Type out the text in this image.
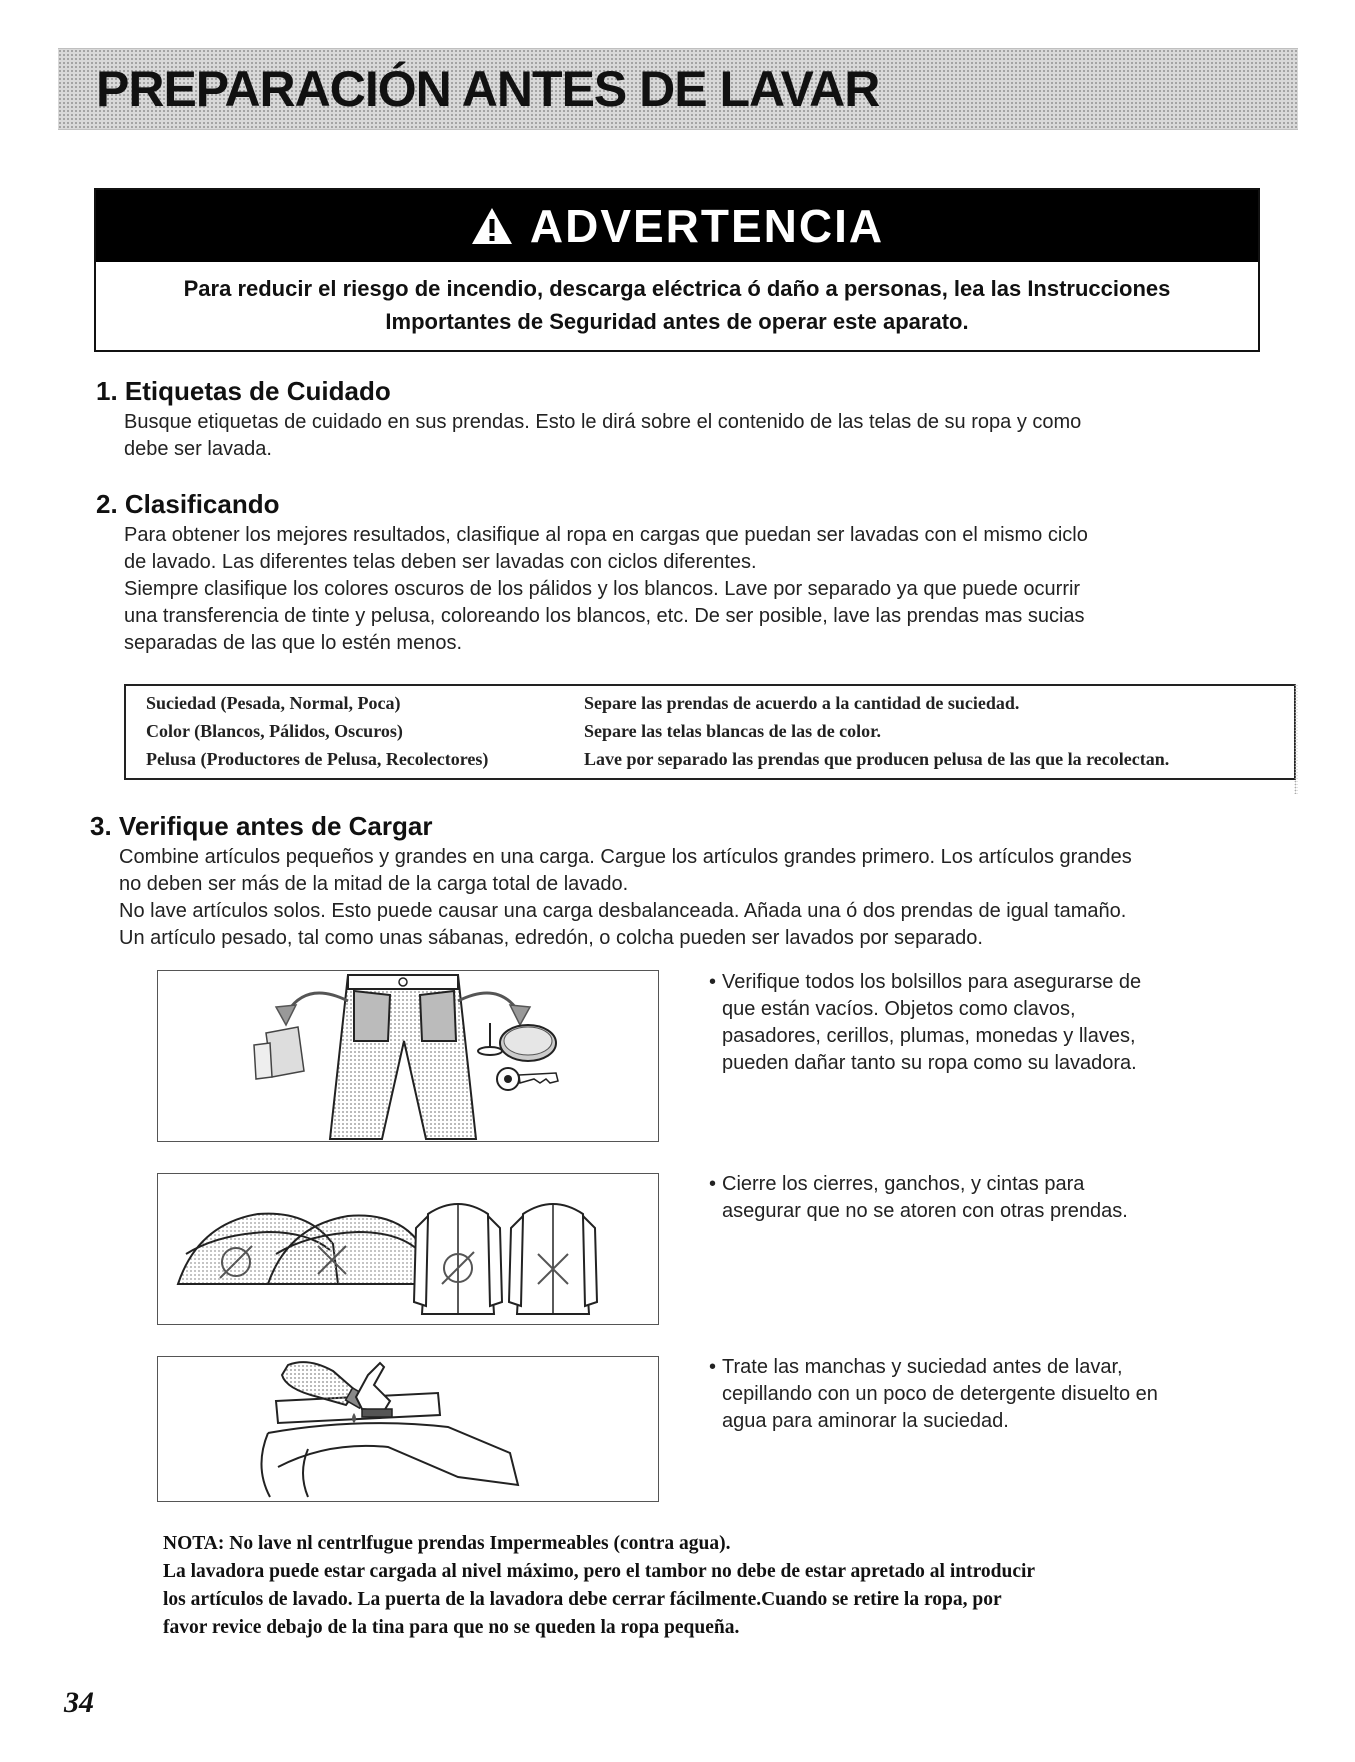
PREPARACIÓN ANTES DE LAVAR
ADVERTENCIA
Para reducir el riesgo de incendio, descarga eléctrica ó daño a personas, lea las Instrucciones
Importantes de Seguridad antes de operar este aparato.
1. Etiquetas de Cuidado

Busque etiquetas de cuidado en sus prendas. Esto le dirá sobre el contenido de las telas de su ropa y como

debe ser lavada.

2. Clasificando

Para obtener los mejores resultados, clasifique al ropa en cargas que puedan ser lavadas con el mismo ciclo

de lavado. Las diferentes telas deben ser lavadas con ciclos diferentes.

Siempre clasifique los colores oscuros de los pálidos y los blancos. Lave por separado ya que puede ocurrir

una transferencia de tinte y pelusa, coloreando los blancos, etc. De ser posible, lave las prendas mas sucias

separadas de las que lo estén menos.

Suciedad (Pesada, Normal, Poca)	Separe las prendas de acuerdo a la cantidad de suciedad.
Color (Blancos, Pálidos, Oscuros)	Separe las telas blancas de las de color.
Pelusa (Productores de Pelusa, Recolectores)	Lave por separado las prendas que producen pelusa de las que la recolectan.
3. Verifique antes de Cargar

Combine artículos pequeños y grandes en una carga. Cargue los artículos grandes primero. Los artículos grandes

no deben ser más de la mitad de la carga total de lavado.

No lave artículos solos. Esto puede causar una carga desbalanceada. Añada una ó dos prendas de igual tamaño.

Un artículo pesado, tal como unas sábanas, edredón, o colcha pueden ser lavados por separado.

• Verifique todos los bolsillos para asegurarse de
que están vacíos. Objetos como clavos,
pasadores, cerillos, plumas, monedas y llaves,
pueden dañar tanto su ropa como su lavadora.
• Cierre los cierres, ganchos, y cintas para
asegurar que no se atoren con otras prendas.
• Trate las manchas y suciedad antes de lavar,
cepillando con un poco de detergente disuelto en
agua para aminorar la suciedad.

NOTA: No lave nl centrlfugue prendas Impermeables (contra agua).

La lavadora puede estar cargada al nivel máximo, pero el tambor no debe de estar apretado al introducir

los artículos de lavado. La puerta de la lavadora debe cerrar fácilmente.Cuando se retire la ropa, por

favor revice debajo de la tina para que no se queden la ropa pequeña.

34
